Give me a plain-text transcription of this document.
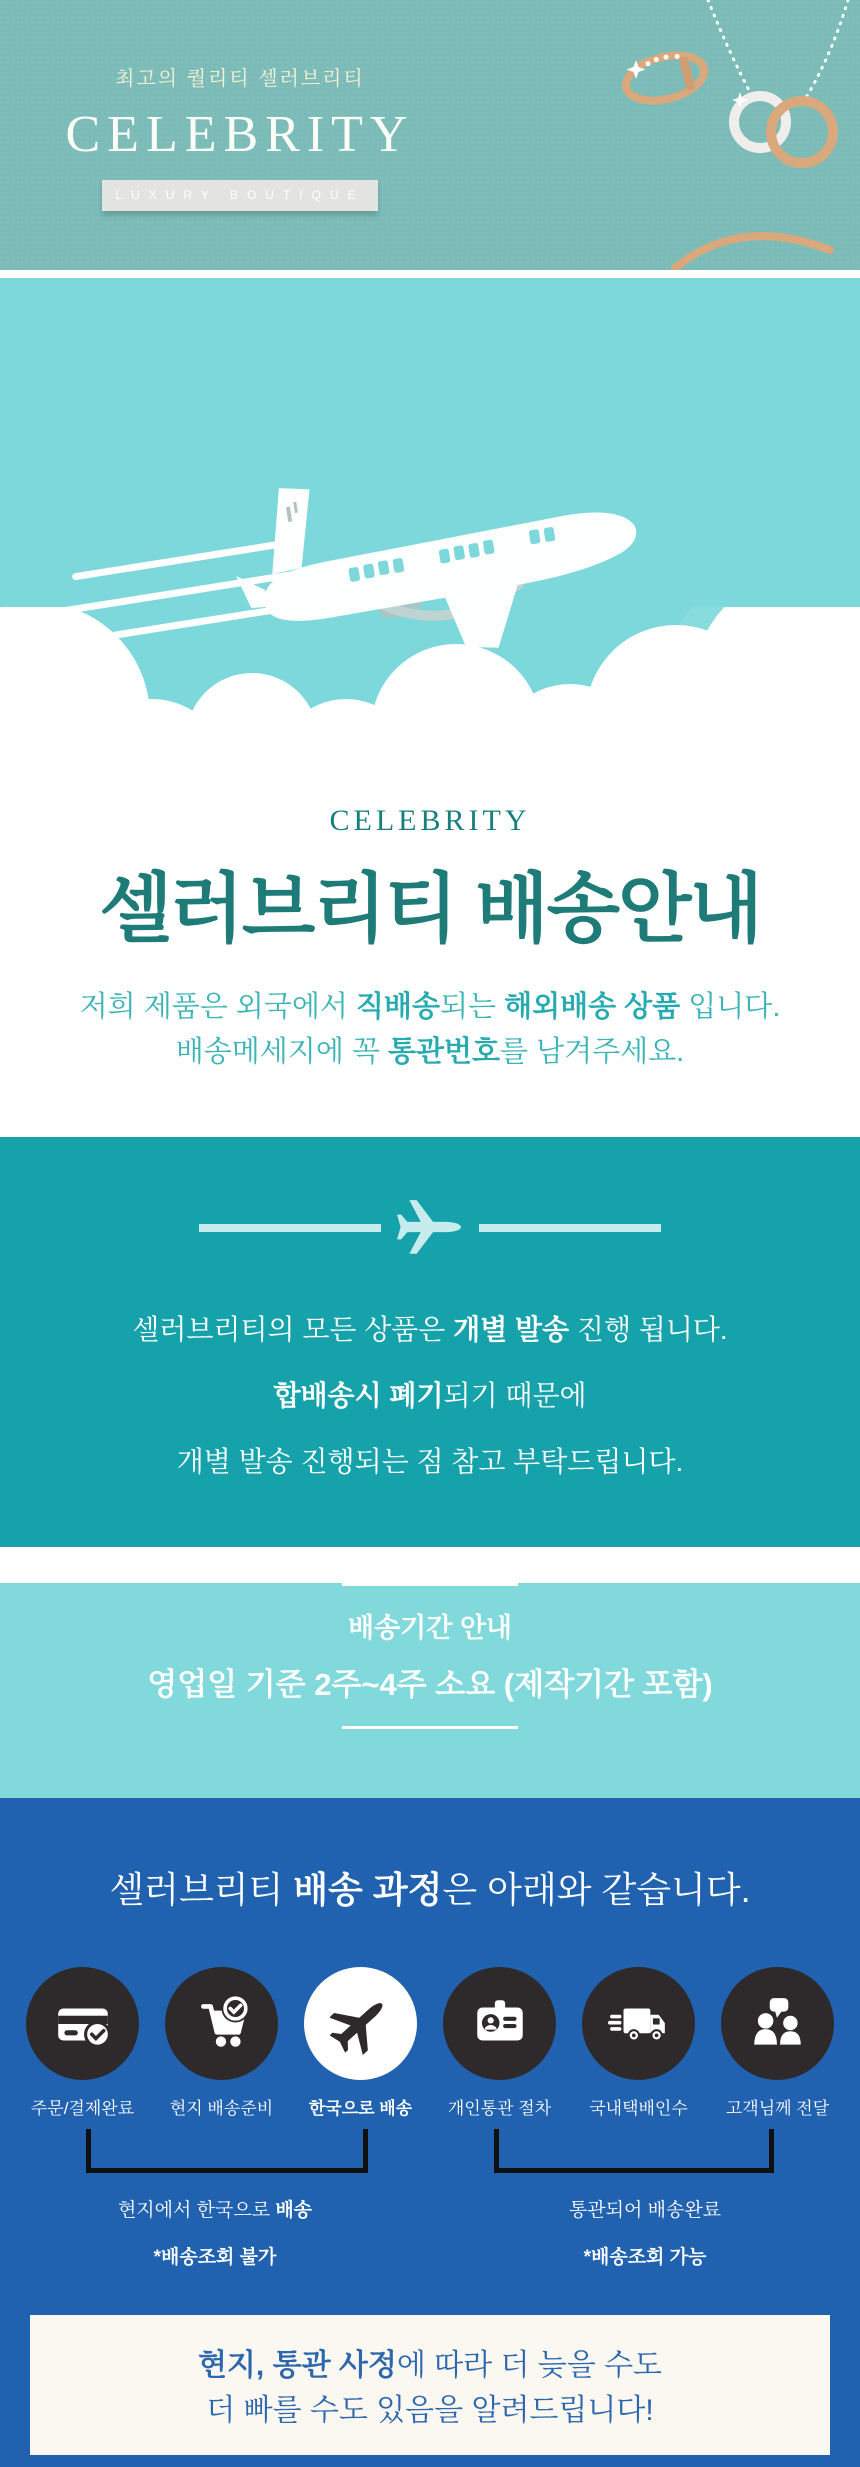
최고의 퀄리티 셀러브리티
CELEBRITY
LUXURY BOUTIQUE
CELEBRITY
셀러브리티 배송안내
저희 제품은 외국에서 직배송되는 해외배송 상품 입니다.
배송메세지에 꼭 통관번호를 남겨주세요.
셀러브리티의 모든 상품은 개별 발송 진행 됩니다.
합배송시 폐기되기 때문에
개별 발송 진행되는 점 참고 부탁드립니다.
배송기간 안내
영업일 기준 2주~4주 소요 (제작기간 포함)
셀러브리티 배송 과정은 아래와 같습니다.
주문/결제완료 현지 배송준비 한국으로 배송 개인통관 절차	국내택배인수	고객님께 전달
현지에서 한국으로 배송
*배송조회 불가
통관되어 배송완료
*배송조회 가능
현지, 통관 사정에 따라 더 늦을 수도
더 빠를 수도 있음을 알려드립니다!
